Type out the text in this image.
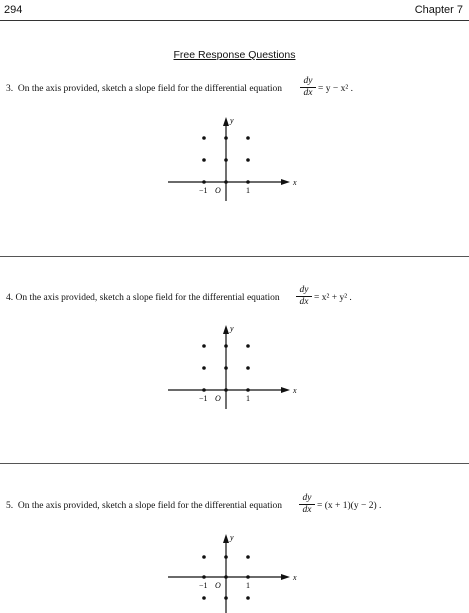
294	Chapter 7
Free Response Questions
3. On the axis provided, sketch a slope field for the differential equation $\frac{dy}{dx} = y - x^2$ .
y
x
O
−1	1
4. On the axis provided, sketch a slope field for the differential equation $\frac{dy}{dx} = x^2 + y^2$ .
y
x
O
−1	1
5. On the axis provided, sketch a slope field for the differential equation $\frac{dy}{dx} = (x + 1)(y - 2)$ .
y
x
O
−1	1
